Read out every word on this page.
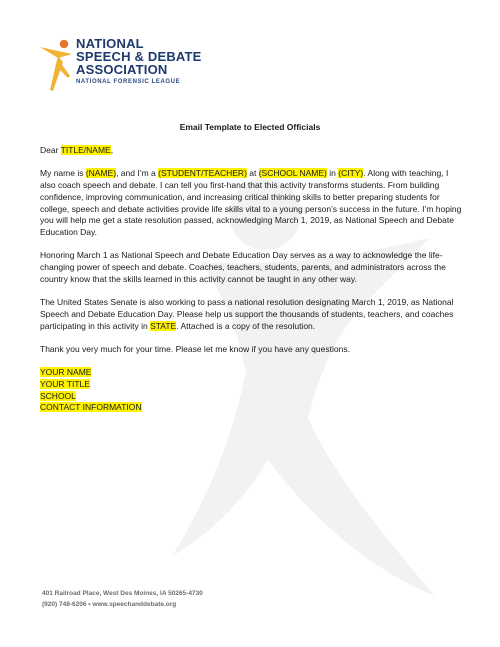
NATIONAL
SPEECH & DEBATE
ASSOCIATION
NATIONAL FORENSIC LEAGUE
Email Template to Elected Officials

Dear TITLE/NAME,

My name is (NAME), and I’m a (STUDENT/TEACHER) at (SCHOOL NAME) in (CITY). Along with teaching, I also coach speech and debate. I can tell you first-hand that this activity transforms students. From building confidence, improving communication, and increasing critical thinking skills to better preparing students for college, speech and debate activities provide life skills vital to a young person’s success in the future. I’m hoping you will help me get a state resolution passed, acknowledging March 1, 2019, as National Speech and Debate Education Day.

Honoring March 1 as National Speech and Debate Education Day serves as a way to acknowledge the life-changing power of speech and debate. Coaches, teachers, students, parents, and administrators across the country know that the skills learned in this activity cannot be taught in any other way.

The United States Senate is also working to pass a national resolution designating March 1, 2019, as National Speech and Debate Education Day. Please help us support the thousands of students, teachers, and coaches participating in this activity in STATE. Attached is a copy of the resolution.

Thank you very much for your time. Please let me know if you have any questions.

YOUR NAME
YOUR TITLE
SCHOOL
CONTACT INFORMATION
401 Railroad Place, West Des Moines, IA 50265-4730
(920) 748-6206 • www.speechanddebate.org
